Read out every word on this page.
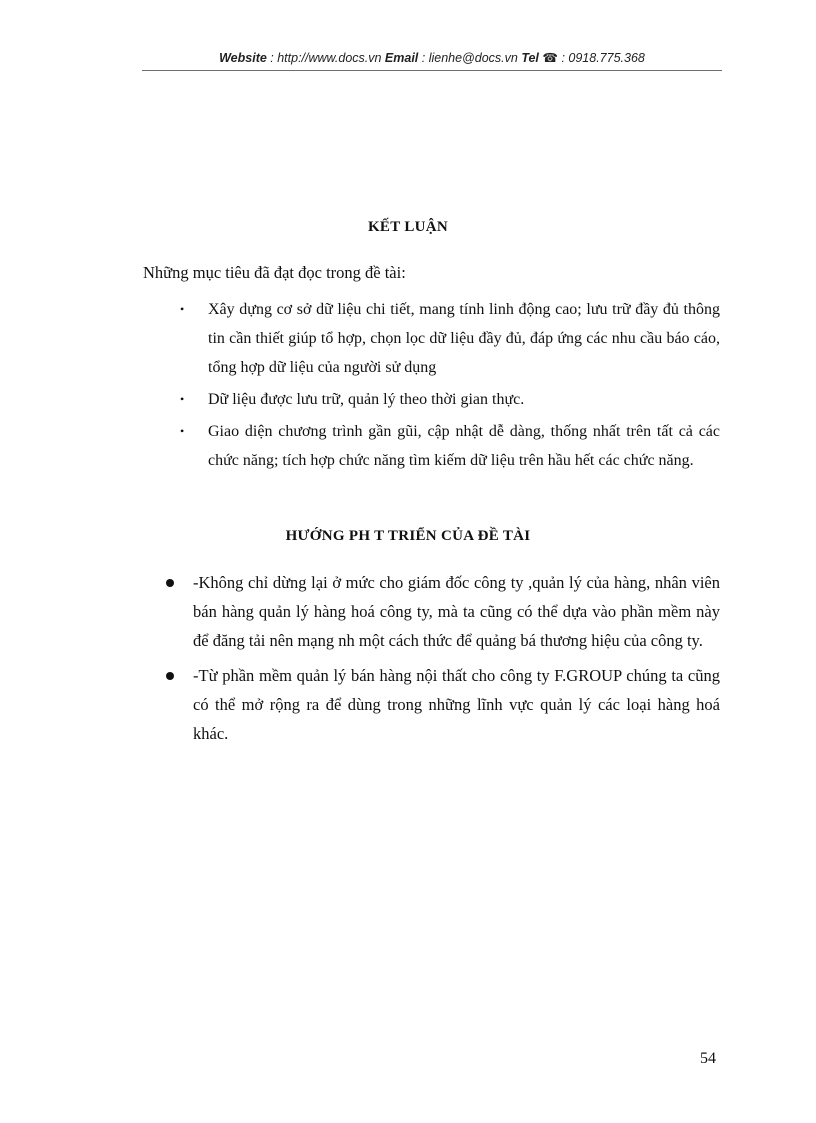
Website : http://www.docs.vn Email : lienhe@docs.vn Tel ☎ : 0918.775.368
KẾT LUẬN
Những mục tiêu đã đạt đọc trong đề tài:
• Xây dựng cơ sở dữ liệu chi tiết, mang tính linh động cao; lưu trữ đầy đủ thông tin cần thiết giúp tổ hợp, chọn lọc dữ liệu đầy đủ, đáp ứng các nhu cầu báo cáo, tổng hợp dữ liệu của người sử dụng
• Dữ liệu được lưu trữ, quản lý theo thời gian thực.
• Giao diện chương trình gần gũi, cập nhật dễ dàng, thống nhất trên tất cả các chức năng; tích hợp chức năng tìm kiếm dữ liệu trên hầu hết các chức năng.
HƯỚNG PH T TRIỂN CỦA ĐỀ TÀI
-Không chỉ dừng lại ở mức cho giám đốc công ty ,quản lý của hàng, nhân viên bán hàng quản lý hàng hoá công ty, mà ta cũng có thể dựa vào phần mềm này để đăng tải nên mạng nh một cách thức để quảng bá thương hiệu của công ty.
-Từ phần mềm quản lý bán hàng nội thất cho công ty F.GROUP chúng ta cũng có thể mở rộng ra để dùng trong những lĩnh vực quản lý các loại hàng hoá khác.
54
